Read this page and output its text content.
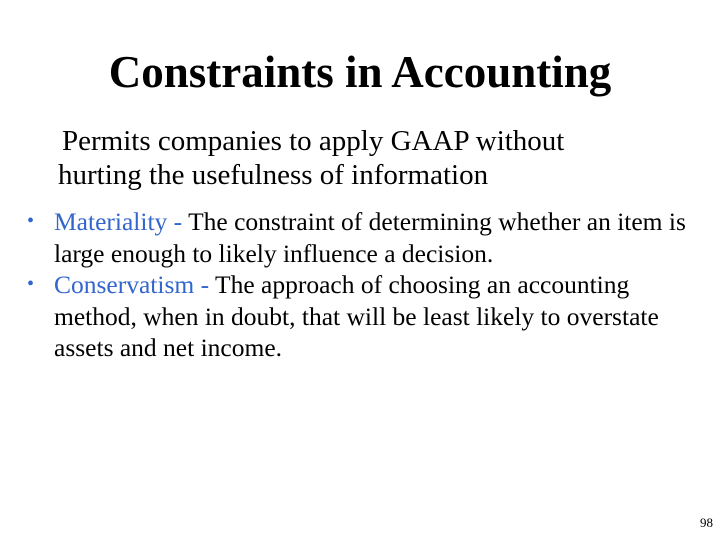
Constraints in Accounting

Permits companies to apply GAAP without
hurting the usefulness of information

• Materiality - The constraint of determining whether an item is large enough to likely influence a decision.
• Conservatism - The approach of choosing an accounting method, when in doubt, that will be least likely to overstate assets and net income.
98
